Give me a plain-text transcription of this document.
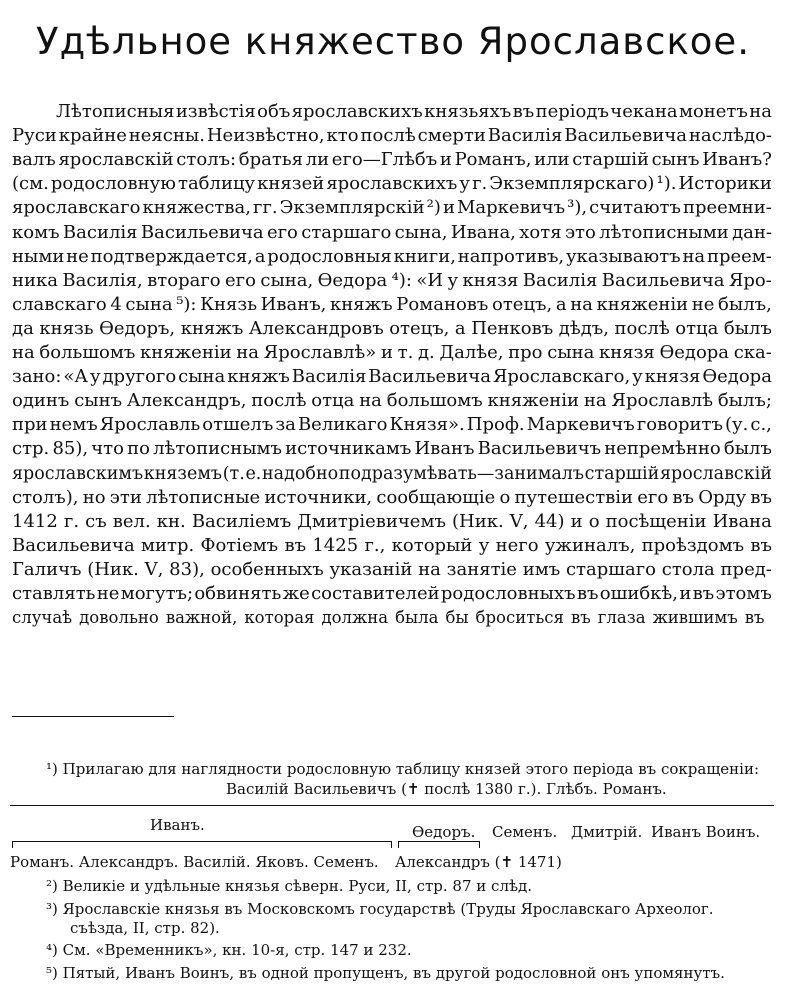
Удѣльное княжество Ярославское.
Лѣтописныя извѣстія объ ярославскихъ князьяхъ въ періодъ чекана монетъ на
Руси крайне неясны. Неизвѣстно, кто послѣ смерти Василія Васильевича наслѣдо-
валъ ярославскій столъ: братья ли его—Глѣбъ и Романъ, или старшій сынъ Иванъ?
(см. родословную таблицу князей ярославскихъ у г. Экземплярскаго) ¹). Историки
ярославскаго княжества, гг. Экземплярскій ²) и Маркевичъ ³), считаютъ преемни-
комъ Василія Васильевича его старшаго сына, Ивана, хотя это лѣтописными дан-
ными не подтверждается, а родословныя книги, напротивъ, указываютъ на преем-
ника Василія, втораго его сына, Ѳедора ⁴): «И у князя Василія Васильевича Яро-
славскаго 4 сына ⁵): Князь Иванъ, княжъ Романовъ отецъ, а на княженіи не былъ,
да князь Ѳедоръ, княжъ Александровъ отецъ, а Пенковъ дѣдъ, послѣ отца былъ
на большомъ княженіи на Ярославлѣ» и т. д. Далѣе, про сына князя Ѳедора ска-
зано: «А у другого сына княжъ Василія Васильевича Ярославскаго, у князя Ѳедора
одинъ сынъ Александръ, послѣ отца на большомъ княженіи на Ярославлѣ былъ;
при немъ Ярославль отшелъ за Великаго Князя». Проф. Маркевичъ говоритъ (у. с.,
стр. 85), что по лѣтописнымъ источникамъ Иванъ Васильевичъ непремѣнно былъ
ярославскимъ княземъ (т. е. надобно подразумѣвать—занималъ старшій ярославскій
столъ), но эти лѣтописные источники, сообщающіе о путешествіи его въ Орду въ
1412 г. съ вел. кн. Василіемъ Дмитріевичемъ (Ник. Ⅴ, 44) и о посѣщеніи Ивана
Васильевича митр. Фотіемъ въ 1425 г., который у него ужиналъ, проѣздомъ въ
Галичъ (Ник. Ⅴ, 83), особенныхъ указаній на занятіе имъ старшаго стола пред-
ставлять не могутъ; обвинять же составителей родословныхъ въ ошибкѣ, и въ этомъ
случаѣ довольно важной, которая должна была бы броситься въ глаза жившимъ въ
¹) Прилагаю для наглядности родословную таблицу князей этого періода въ сокращеніи:
Василій Васильевичъ (✝ послѣ 1380 г.). Глѣбъ. Романъ.
Иванъ.	Ѳедоръ. Семенъ. Дмитрій. Иванъ Воинъ.
Романъ. Александръ. Василій. Яковъ. Семенъ. Александръ (✝ 1471)
²) Великіе и удѣльные князья сѣверн. Руси, II, стр. 87 и слѣд.
³) Ярославскіе князья въ Московскомъ государствѣ (Труды Ярославскаго Археолог.
съѣзда, II, стр. 82).
⁴) См. «Временникъ», кн. 10-я, стр. 147 и 232.
⁵) Пятый, Иванъ Воинъ, въ одной пропущенъ, въ другой родословной онъ упомянутъ.
